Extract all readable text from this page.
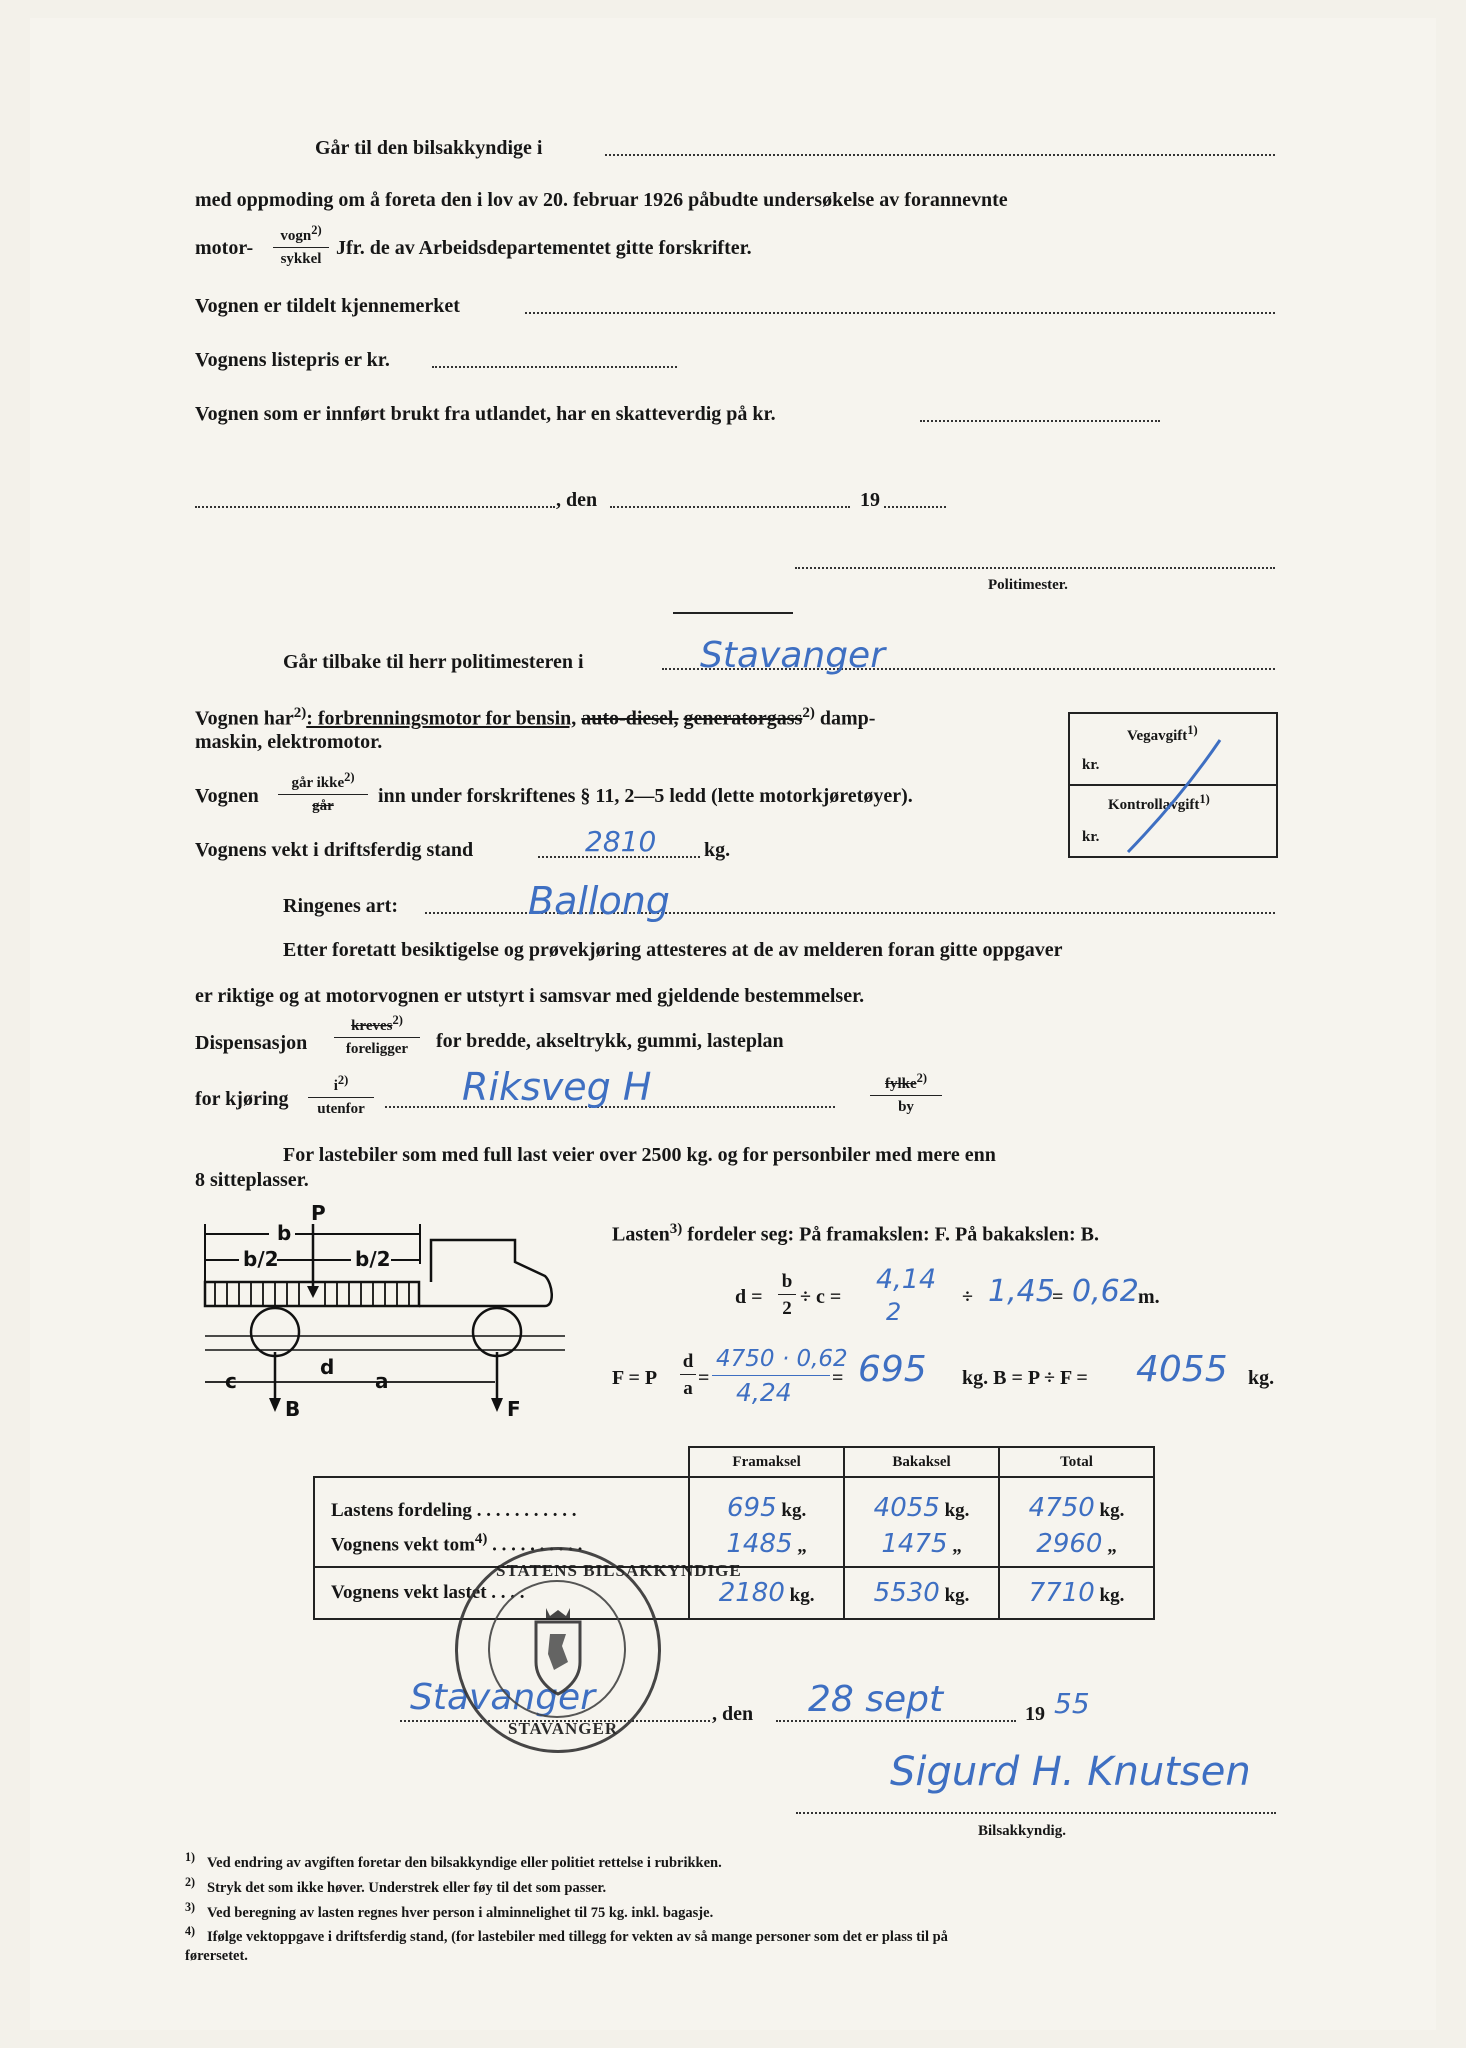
Går til den bilsakkyndige i
med oppmoding om å foreta den i lov av 20. februar 1926 påbudte undersøkelse av forannevnte
motor-
vogn$^{2)}$
sykkel Jfr. de av Arbeidsdepartementet gitte forskrifter.
Vognen er tildelt kjennemerket
Vognens listepris er kr.
Vognen som er innført brukt fra utlandet, har en skatteverdig på kr.
, den	19
Politimester.
Går tilbake til herr politimesteren i	Stavanger
Vognen har$^{2)}$: forbrenningsmotor for bensin, auto-diesel, generatorgass$^{2)}$ damp-
maskin, elektromotor.
Vognen
går ikke$^{2)}$
går	inn under forskriftenes § 11, 2—5 ledd (lette motorkjøretøyer).
Vognens vekt i driftsferdig stand	2810 kg.
Ringenes art:	Ballong
Etter foretatt besiktigelse og prøvekjøring attesteres at de av melderen foran gitte oppgaver
er riktige og at motorvognen er utstyrt i samsvar med gjeldende bestemmelser.
Dispensasjon
kreves$^{2)}$
foreligger	for bredde, akseltrykk, gummi, lasteplan
for kjøring
$i^{2)}$
utenfor	Riksveg H	fylke$^{2)}$
by
For lastebiler som med full last veier over 2500 kg. og for personbiler med mere enn
8 sitteplasser.
Vegavgift$^{1)}$
kr.
Kontrollavgift$^{1)}$
kr.
P
b
b/2	b/2
c
d
a
B	F
Lasten$^{3)}$ fordeler seg: På framakslen: F. På bakakslen: B.
d =
b
2
÷ c =
4,14
2
÷ 1,45
= 0,62 m.
F = P
d
a =
4750 · 0,62
4,24 = 695 kg. B = P ÷ F = 4055 kg.
	Framaksel	Bakaksel	Total
Lastens fordeling . . . . . . . . . . .	695 kg.	4055 kg.	4750 kg.
Vognens vekt tom$^{4)}$ . . . . . . . . . .	1485 „	1475 „	2960 „
Vognens vekt lastet . . . .	2180 kg.	5530 kg.	7710 kg.
Stavanger	, den 28 sept	19 55
Sigurd H. Knutsen
Bilsakkyndig.
STATENS BILSAKKYNDIGE
STAVANGER
$^{1)}$ Ved endring av avgiften foretar den bilsakkyndige eller politiet rettelse i rubrikken.
$^{2)}$ Stryk det som ikke høver. Understrek eller føy til det som passer.
$^{3)}$ Ved beregning av lasten regnes hver person i alminnelighet til 75 kg. inkl. bagasje.
$^{4)}$ Ifølge vektoppgave i driftsferdig stand, (for lastebiler med tillegg for vekten av så mange personer som det er plass til på
førersetet.
